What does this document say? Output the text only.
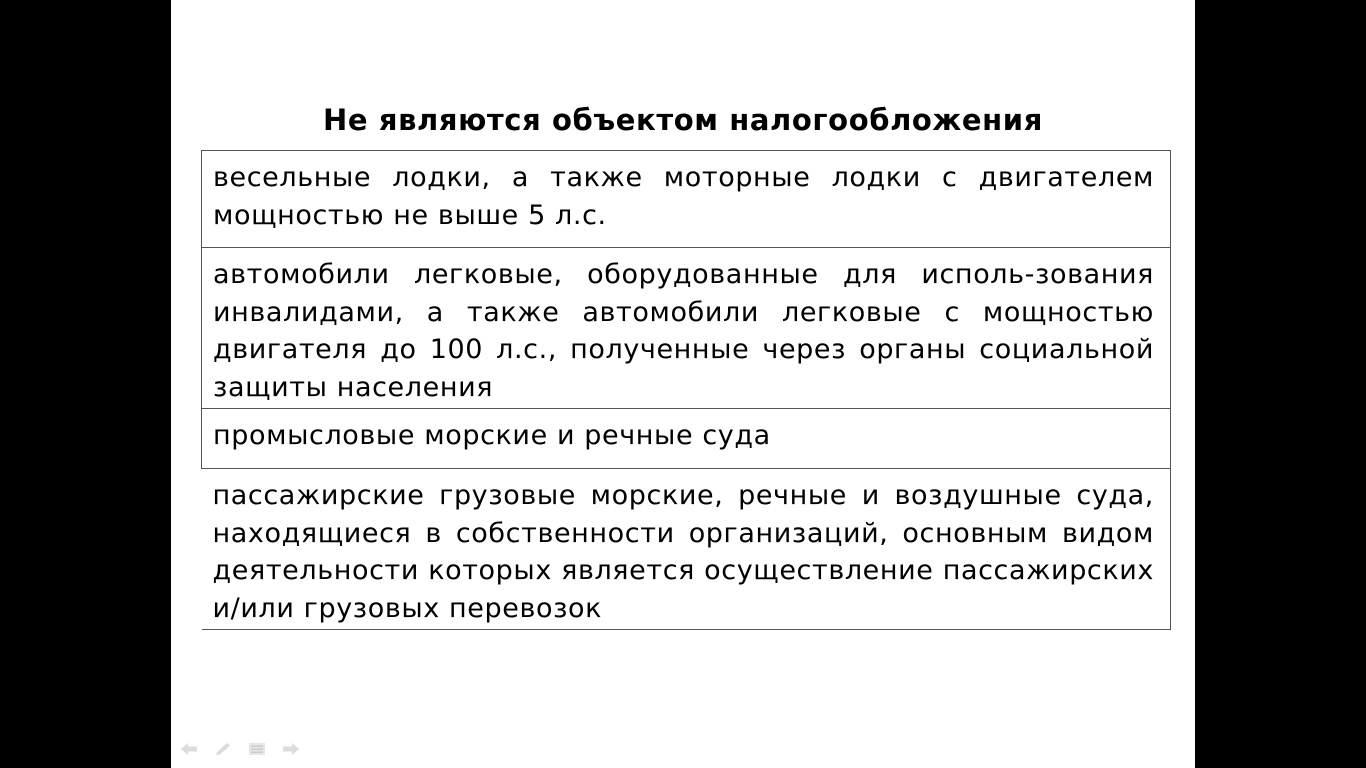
Не являются объектом налогообложения
весельные лодки, а также моторные лодки с двигателем мощностью не выше 5 л.с.
автомобили легковые, оборудованные для исполь-зования инвалидами, а также автомобили легковые с мощностью двигателя до 100 л.с., полученные через органы социальной защиты населения
промысловые морские и речные суда
пассажирские грузовые морские, речные и воздушные суда, находящиеся в собственности организаций, основным видом деятельности которых является осуществление пассажирских и/или грузовых перевозок
